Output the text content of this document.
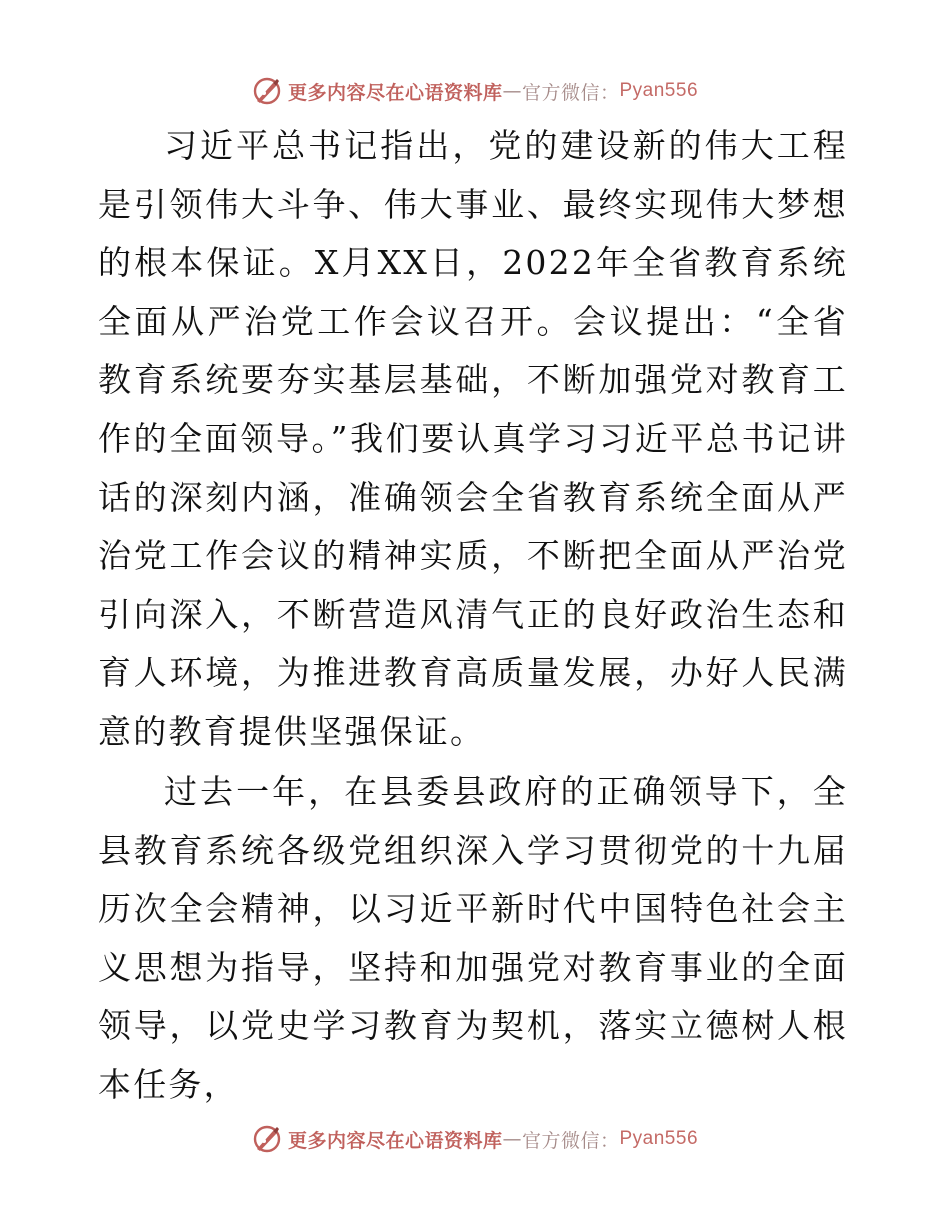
更多内容尽在心语资料库 — 官方微信： Pyan556

习近平总书记指出，党的建设新的伟大工程是引领伟大斗争、伟大事业、最终实现伟大梦想的根本保证。X月XX日，2022年全省教育系统全面从严治党工作会议召开。会议提出：“全省教育系统要夯实基层基础，不断加强党对教育工作的全面领导。”我们要认真学习习近平总书记讲话的深刻内涵，准确领会全省教育系统全面从严治党工作会议的精神实质，不断把全面从严治党引向深入，不断营造风清气正的良好政治生态和育人环境，为推进教育高质量发展，办好人民满意的教育提供坚强保证。

过去一年，在县委县政府的正确领导下，全县教育系统各级党组织深入学习贯彻党的十九届历次全会精神，以习近平新时代中国特色社会主义思想为指导，坚持和加强党对教育事业的全面领导，以党史学习教育为契机，落实立德树人根本任务，

更多内容尽在心语资料库 — 官方微信： Pyan556
